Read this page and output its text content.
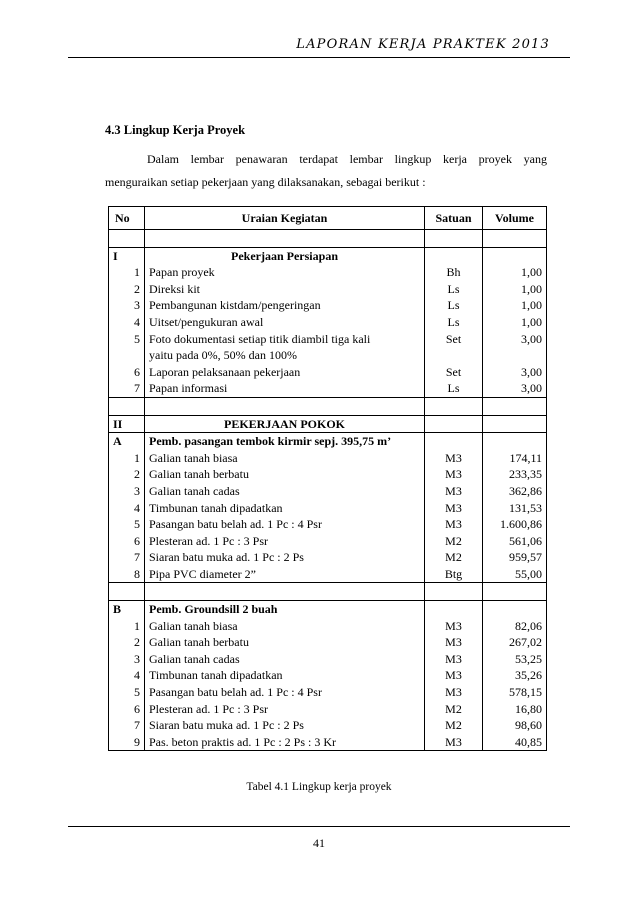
LAPORAN KERJA PRAKTEK 2013
4.3 Lingkup Kerja Proyek
Dalam lembar penawaran terdapat lembar lingkup kerja proyek yang
menguraikan setiap pekerjaan yang dilaksanakan, sebagai berikut :
No	Uraian Kegiatan	Satuan	Volume

I	Pekerjaan Persiapan		
1	Papan proyek	Bh	1,00
2	Direksi kit	Ls	1,00
3	Pembangunan kistdam/pengeringan	Ls	1,00
4	Uitset/pengukuran awal	Ls	1,00
5	Foto dokumentasi setiap titik diambil tiga kali	Set	3,00
	yaitu pada 0%, 50% dan 100%		
6	Laporan pelaksanaan pekerjaan	Set	3,00
7	Papan informasi	Ls	3,00

II	PEKERJAAN POKOK		
A	Pemb. pasangan tembok kirmir sepj. 395,75 m’		
1	Galian tanah biasa	M3	174,11
2	Galian tanah berbatu	M3	233,35
3	Galian tanah cadas	M3	362,86
4	Timbunan tanah dipadatkan	M3	131,53
5	Pasangan batu belah ad. 1 Pc : 4 Psr	M3	1.600,86
6	Plesteran ad. 1 Pc : 3 Psr	M2	561,06
7	Siaran batu muka ad. 1 Pc : 2 Ps	M2	959,57
8	Pipa PVC diameter 2”	Btg	55,00

B	Pemb. Groundsill 2 buah		
1	Galian tanah biasa	M3	82,06
2	Galian tanah berbatu	M3	267,02
3	Galian tanah cadas	M3	53,25
4	Timbunan tanah dipadatkan	M3	35,26
5	Pasangan batu belah ad. 1 Pc : 4 Psr	M3	578,15
6	Plesteran ad. 1 Pc : 3 Psr	M2	16,80
7	Siaran batu muka ad. 1 Pc : 2 Ps	M2	98,60
9	Pas. beton praktis ad. 1 Pc : 2 Ps : 3 Kr	M3	40,85
Tabel 4.1 Lingkup kerja proyek
41
